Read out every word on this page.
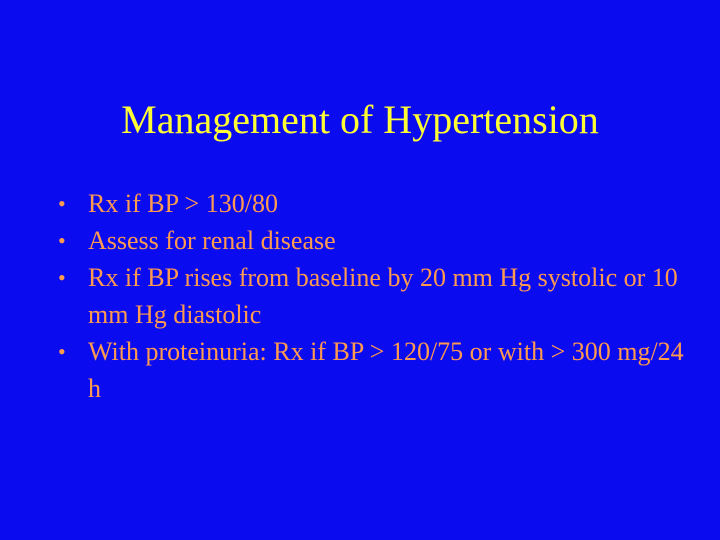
Management of Hypertension
• Rx if BP > 130/80
• Assess for renal disease
• Rx if BP rises from baseline by 20 mm Hg systolic or 10 mm Hg diastolic
• With proteinuria: Rx if BP > 120/75 or with > 300 mg/24 h
